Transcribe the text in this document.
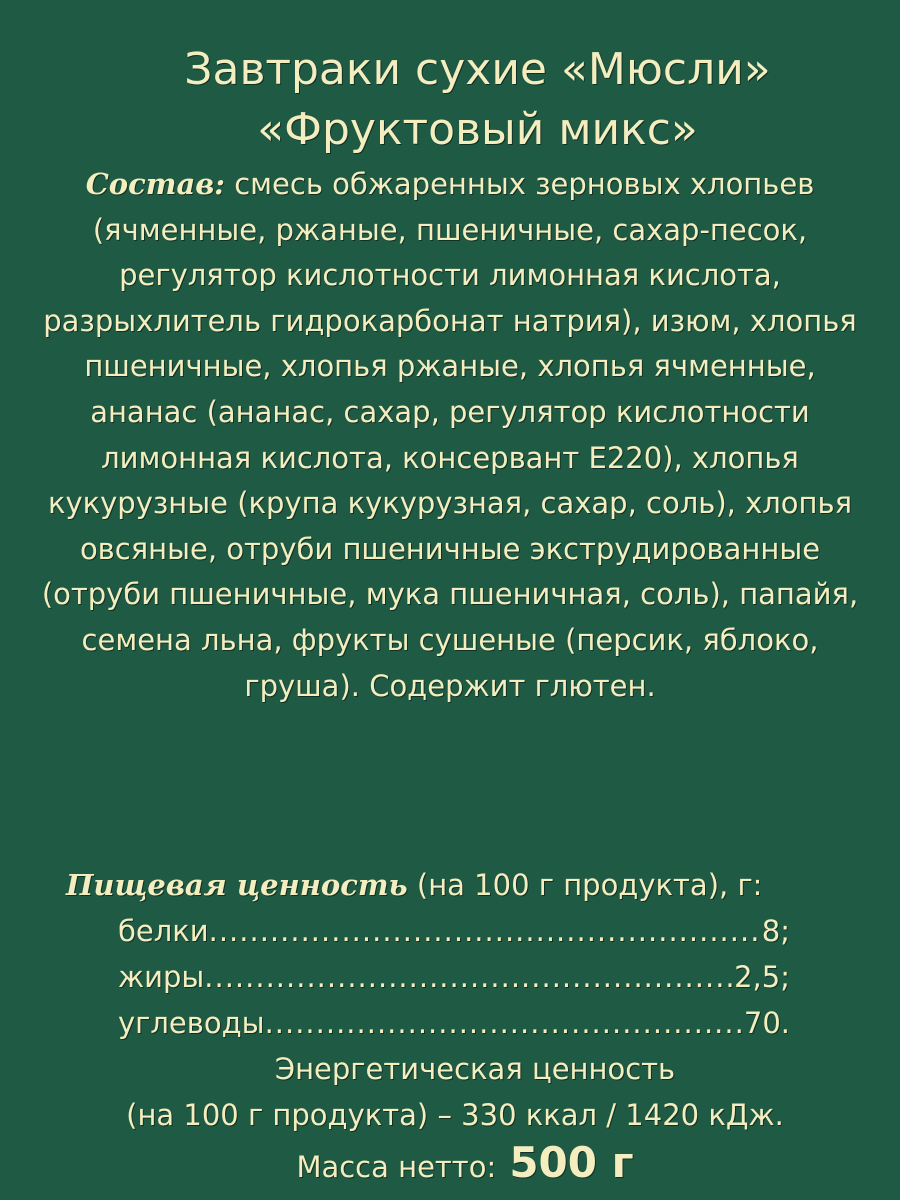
Завтраки сухие «Мюсли»
«Фруктовый микс»
Состав: смесь обжаренных зерновых хлопьев (ячменные, ржаные, пшеничные, сахар-песок, регулятор кислотности лимонная кислота, разрыхлитель гидрокарбонат натрия), изюм, хлопья пшеничные, хлопья ржаные, хлопья ячменные, ананас (ананас, сахар, регулятор кислотности лимонная кислота, консервант Е220), хлопья кукурузные (крупа кукурузная, сахар, соль), хлопья овсяные, отруби пшеничные экструдированные (отруби пшеничные, мука пшеничная, соль), папайя, семена льна, фрукты сушеные (персик, яблоко, груша). Содержит глютен.
Пищевая ценность (на 100 г продукта), г:
белки .....	8;
жиры .....	2,5;
углеводы .....	70.
Энергетическая ценность
(на 100 г продукта) – 330 ккал / 1420 кДж.
Масса нетто: 500 г
